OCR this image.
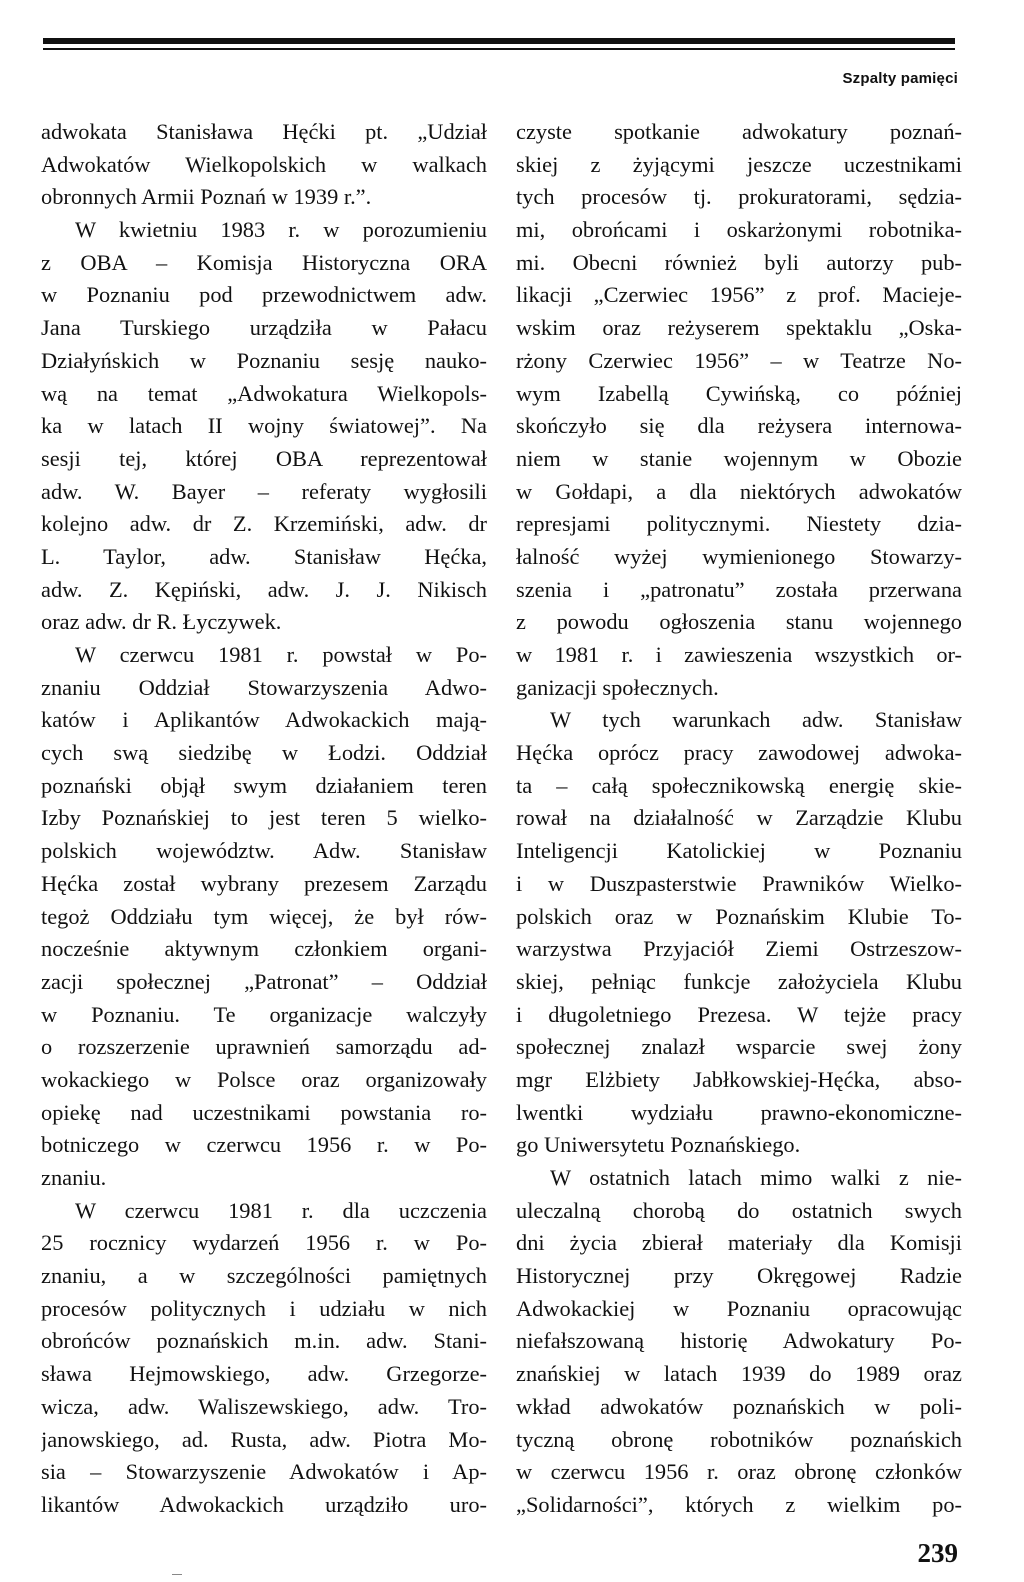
Szpalty pamięci
adwokata Stanisława Hęćki pt. „Udział
Adwokatów Wielkopolskich w walkach
obronnych Armii Poznań w 1939 r.”.
W kwietniu 1983 r. w porozumieniu
z OBA – Komisja Historyczna ORA
w Poznaniu pod przewodnictwem adw.
Jana Turskiego urządziła w Pałacu
Działyńskich w Poznaniu sesję nauko-
wą na temat „Adwokatura Wielkopols-
ka w latach II wojny światowej”. Na
sesji tej, której OBA reprezentował
adw. W. Bayer – referaty wygłosili
kolejno adw. dr Z. Krzemiński, adw. dr
L. Taylor, adw. Stanisław Hęćka,
adw. Z. Kępiński, adw. J. J. Nikisch
oraz adw. dr R. Łyczywek.
W czerwcu 1981 r. powstał w Po-
znaniu Oddział Stowarzyszenia Adwo-
katów i Aplikantów Adwokackich mają-
cych swą siedzibę w Łodzi. Oddział
poznański objął swym działaniem teren
Izby Poznańskiej to jest teren 5 wielko-
polskich województw. Adw. Stanisław
Hęćka został wybrany prezesem Zarządu
tegoż Oddziału tym więcej, że był rów-
nocześnie aktywnym członkiem organi-
zacji społecznej „Patronat” – Oddział
w Poznaniu. Te organizacje walczyły
o rozszerzenie uprawnień samorządu ad-
wokackiego w Polsce oraz organizowały
opiekę nad uczestnikami powstania ro-
botniczego w czerwcu 1956 r. w Po-
znaniu.
W czerwcu 1981 r. dla uczczenia
25 rocznicy wydarzeń 1956 r. w Po-
znaniu, a w szczególności pamiętnych
procesów politycznych i udziału w nich
obrońców poznańskich m.in. adw. Stani-
sława Hejmowskiego, adw. Grzegorze-
wicza, adw. Waliszewskiego, adw. Tro-
janowskiego, ad. Rusta, adw. Piotra Mo-
sia – Stowarzyszenie Adwokatów i Ap-
likantów Adwokackich urządziło uro-
czyste spotkanie adwokatury poznań-
skiej z żyjącymi jeszcze uczestnikami
tych procesów tj. prokuratorami, sędzia-
mi, obrońcami i oskarżonymi robotnika-
mi. Obecni również byli autorzy pub-
likacji „Czerwiec 1956” z prof. Macieje-
wskim oraz reżyserem spektaklu „Oska-
rżony Czerwiec 1956” – w Teatrze No-
wym Izabellą Cywińską, co później
skończyło się dla reżysera internowa-
niem w stanie wojennym w Obozie
w Gołdapi, a dla niektórych adwokatów
represjami politycznymi. Niestety dzia-
łalność wyżej wymienionego Stowarzy-
szenia i „patronatu” została przerwana
z powodu ogłoszenia stanu wojennego
w 1981 r. i zawieszenia wszystkich or-
ganizacji społecznych.
W tych warunkach adw. Stanisław
Hęćka oprócz pracy zawodowej adwoka-
ta – całą społecznikowską energię skie-
rował na działalność w Zarządzie Klubu
Inteligencji Katolickiej w Poznaniu
i w Duszpasterstwie Prawników Wielko-
polskich oraz w Poznańskim Klubie To-
warzystwa Przyjaciół Ziemi Ostrzeszow-
skiej, pełniąc funkcje założyciela Klubu
i długoletniego Prezesa. W tejże pracy
społecznej znalazł wsparcie swej żony
mgr Elżbiety Jabłkowskiej-Hęćka, abso-
lwentki wydziału prawno-ekonomiczne-
go Uniwersytetu Poznańskiego.
W ostatnich latach mimo walki z nie-
uleczalną chorobą do ostatnich swych
dni życia zbierał materiały dla Komisji
Historycznej przy Okręgowej Radzie
Adwokackiej w Poznaniu opracowując
niefałszowaną historię Adwokatury Po-
znańskiej w latach 1939 do 1989 oraz
wkład adwokatów poznańskich w poli-
tyczną obronę robotników poznańskich
w czerwcu 1956 r. oraz obronę członków
„Solidarności”, których z wielkim po-
239
